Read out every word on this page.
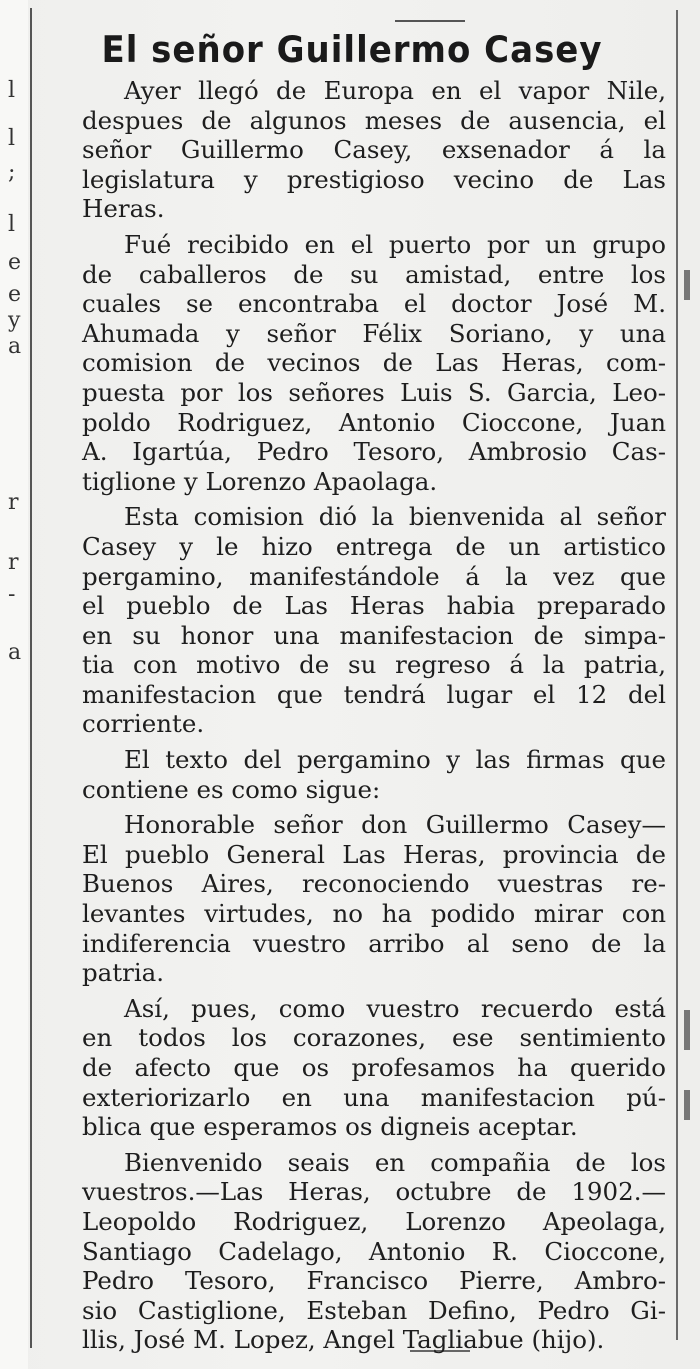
l
l
;
l
e
e
y
a
r
r
-
a
El señor Guillermo Casey

Ayer llegó de Europa en el vapor Nile,
despues de algunos meses de ausencia, el
señor Guillermo Casey, exsenador á la
legislatura y prestigioso vecino de Las
Heras.

Fué recibido en el puerto por un grupo
de caballeros de su amistad, entre los
cuales se encontraba el doctor José M.
Ahumada y señor Félix Soriano, y una
comision de vecinos de Las Heras, com-
puesta por los señores Luis S. Garcia, Leo-
poldo Rodriguez, Antonio Cioccone, Juan
A. Igartúa, Pedro Tesoro, Ambrosio Cas-
tiglione y Lorenzo Apaolaga.

Esta comision dió la bienvenida al señor
Casey y le hizo entrega de un artistico
pergamino, manifestándole á la vez que
el pueblo de Las Heras habia preparado
en su honor una manifestacion de simpa-
tia con motivo de su regreso á la patria,
manifestacion que tendrá lugar el 12 del
corriente.

El texto del pergamino y las firmas que
contiene es como sigue:

Honorable señor don Guillermo Casey—
El pueblo General Las Heras, provincia de
Buenos Aires, reconociendo vuestras re-
levantes virtudes, no ha podido mirar con
indiferencia vuestro arribo al seno de la
patria.

Así, pues, como vuestro recuerdo está
en todos los corazones, ese sentimiento
de afecto que os profesamos ha querido
exteriorizarlo en una manifestacion pú-
blica que esperamos os digneis aceptar.

Bienvenido seais en compañia de los
vuestros.—Las Heras, octubre de 1902.—
Leopoldo Rodriguez, Lorenzo Apeolaga,
Santiago Cadelago, Antonio R. Cioccone,
Pedro Tesoro, Francisco Pierre, Ambro-
sio Castiglione, Esteban Defino, Pedro Gi-
llis, José M. Lopez, Angel Tagliabue (hijo).
